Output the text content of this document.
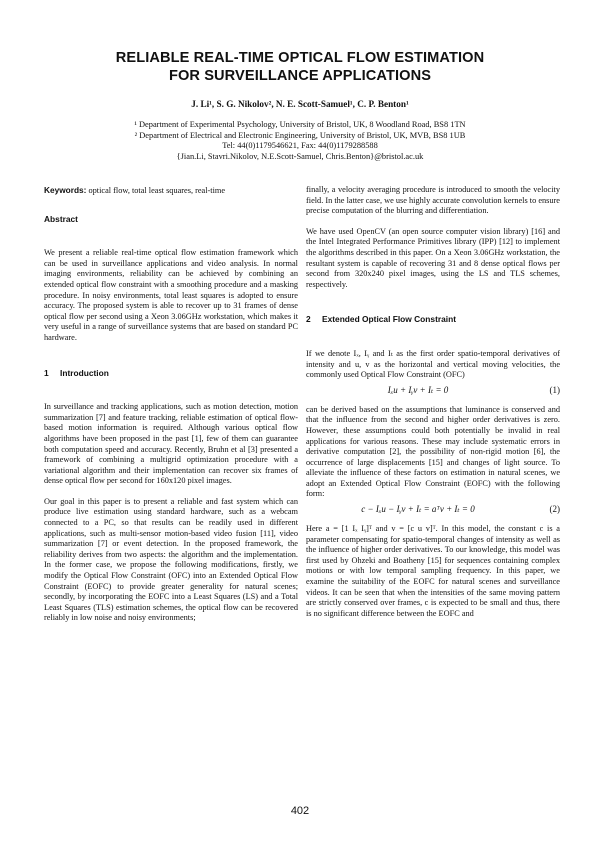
RELIABLE REAL-TIME OPTICAL FLOW ESTIMATION
FOR SURVEILLANCE APPLICATIONS
J. Li¹, S. G. Nikolov², N. E. Scott-Samuel¹, C. P. Benton¹
¹ Department of Experimental Psychology, University of Bristol, UK, 8 Woodland Road, BS8 1TN
² Department of Electrical and Electronic Engineering, University of Bristol, UK, MVB, BS8 1UB
Tel: 44(0)1179546621, Fax: 44(0)1179288588
{Jian.Li, Stavri.Nikolov, N.E.Scott-Samuel, Chris.Benton}@bristol.ac.uk

Keywords: optical flow, total least squares, real-time

Abstract

We present a reliable real-time optical flow estimation framework which can be used in surveillance applications and video analysis. In normal imaging environments, reliability can be achieved by combining an extended optical flow constraint with a smoothing procedure and a masking procedure. In noisy environments, total least squares is adopted to ensure accuracy. The proposed system is able to recover up to 31 frames of dense optical flow per second using a Xeon 3.06GHz workstation, which makes it very useful in a range of surveillance systems that are based on standard PC hardware.

1 Introduction

In surveillance and tracking applications, such as motion detection, motion summarization [7] and feature tracking, reliable estimation of optical flow-based motion information is required. Although various optical flow algorithms have been proposed in the past [1], few of them can guarantee both computation speed and accuracy. Recently, Bruhn et al [3] presented a framework of combining a multigrid optimization procedure with a variational algorithm and their implementation can recover six frames of dense optical flow per second for 160x120 pixel images.

Our goal in this paper is to present a reliable and fast system which can produce live estimation using standard hardware, such as a webcam connected to a PC, so that results can be readily used in different applications, such as multi-sensor motion-based video fusion [11], video summarization [7] or event detection. In the proposed framework, the reliability derives from two aspects: the algorithm and the implementation. In the former case, we propose the following modifications, firstly, we modify the Optical Flow Constraint (OFC) into an Extended Optical Flow Constraint (EOFC) to provide greater generality for natural scenes; secondly, by incorporating the EOFC into a Least Squares (LS) and a Total Least Squares (TLS) estimation schemes, the optical flow can be recovered reliably in low noise and noisy environments;

finally, a velocity averaging procedure is introduced to smooth the velocity field. In the latter case, we use highly accurate convolution kernels to ensure precise computation of the blurring and differentiation.

We have used OpenCV (an open source computer vision library) [16] and the Intel Integrated Performance Primitives library (IPP) [12] to implement the algorithms described in this paper. On a Xeon 3.06GHz workstation, the resultant system is capable of recovering 31 and 8 dense optical flows per second from 320x240 pixel images, using the LS and TLS schemes, respectively.

2 Extended Optical Flow Constraint

If we denote Iₓ, Iᵧ and Iₜ as the first order spatio-temporal derivatives of intensity and u, v as the horizontal and vertical moving velocities, the commonly used Optical Flow Constraint (OFC)

Iₓu + Iᵧv + Iₜ = 0	(1)

can be derived based on the assumptions that luminance is conserved and that the influence from the second and higher order derivatives is zero. However, these assumptions could both potentially be invalid in real applications for various reasons. These may include systematic errors in derivative computation [2], the possibility of non-rigid motion [6], the occurrence of large displacements [15] and changes of light source. To alleviate the influence of these factors on estimation in natural scenes, we adopt an Extended Optical Flow Constraint (EOFC) with the following form:

c − Iₓu − Iᵧv + Iₜ = aᵀv + Iₜ = 0	(2)

Here a = [1 Iₓ Iᵧ]ᵀ and v = [c u v]ᵀ. In this model, the constant c is a parameter compensating for spatio-temporal changes of intensity as well as the influence of higher order derivatives. To our knowledge, this model was first used by Ohzeki and Boatheny [15] for sequences containing complex motions or with low temporal sampling frequency. In this paper, we examine the suitability of the EOFC for natural scenes and surveillance videos. It can be seen that when the intensities of the same moving pattern are strictly conserved over frames, c is expected to be small and thus, there is no significant difference between the EOFC and

402
